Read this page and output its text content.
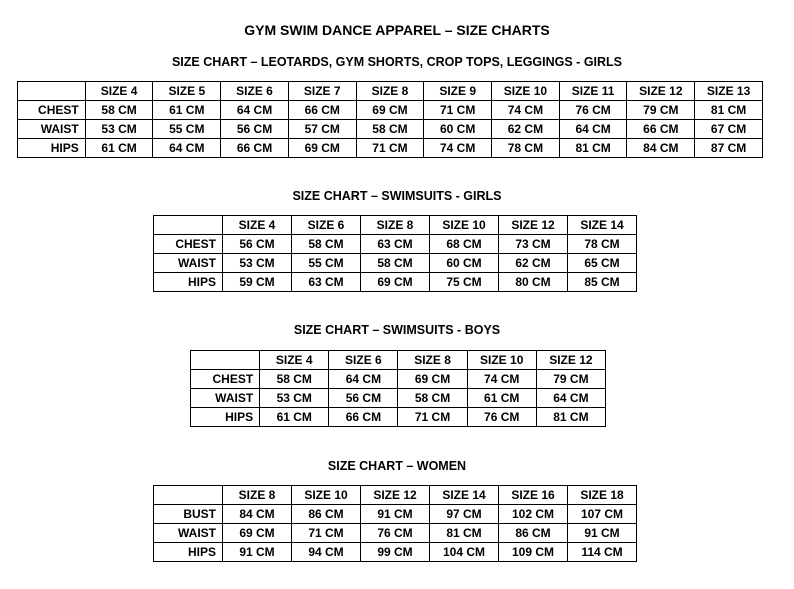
GYM SWIM DANCE APPAREL – SIZE CHARTS
SIZE CHART – LEOTARDS, GYM SHORTS, CROP TOPS, LEGGINGS - GIRLS
	SIZE 4	SIZE 5	SIZE 6	SIZE 7	SIZE 8	SIZE 9	SIZE 10	SIZE 11	SIZE 12	SIZE 13
CHEST	58 CM	61 CM	64 CM	66 CM	69 CM	71 CM	74 CM	76 CM	79 CM	81 CM
WAIST	53 CM	55 CM	56 CM	57 CM	58 CM	60 CM	62 CM	64 CM	66 CM	67 CM
HIPS	61 CM	64 CM	66 CM	69 CM	71 CM	74 CM	78 CM	81 CM	84 CM	87 CM
SIZE CHART – SWIMSUITS - GIRLS
	SIZE 4	SIZE 6	SIZE 8	SIZE 10	SIZE 12	SIZE 14
CHEST	56 CM	58 CM	63 CM	68 CM	73 CM	78 CM
WAIST	53 CM	55 CM	58 CM	60 CM	62 CM	65 CM
HIPS	59 CM	63 CM	69 CM	75 CM	80 CM	85 CM
SIZE CHART – SWIMSUITS - BOYS
	SIZE 4	SIZE 6	SIZE 8	SIZE 10	SIZE 12
CHEST	58 CM	64 CM	69 CM	74 CM	79 CM
WAIST	53 CM	56 CM	58 CM	61 CM	64 CM
HIPS	61 CM	66 CM	71 CM	76 CM	81 CM
SIZE CHART – WOMEN
	SIZE 8	SIZE 10	SIZE 12	SIZE 14	SIZE 16	SIZE 18
BUST	84 CM	86 CM	91 CM	97 CM	102 CM	107 CM
WAIST	69 CM	71 CM	76 CM	81 CM	86 CM	91 CM
HIPS	91 CM	94 CM	99 CM	104 CM	109 CM	114 CM
